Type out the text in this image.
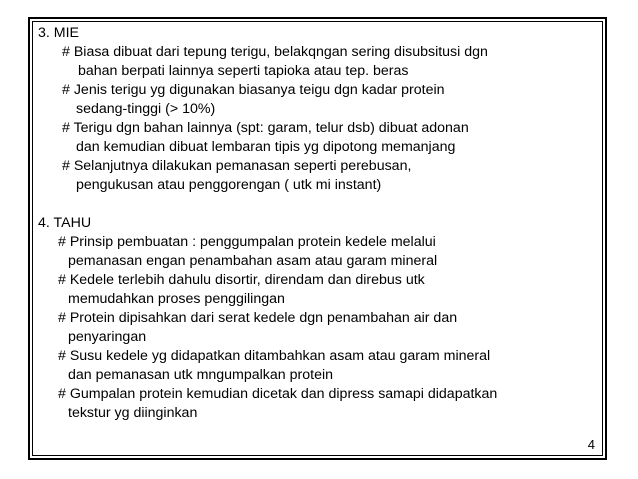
3. MIE
# Biasa dibuat dari tepung terigu, belakqngan sering disubsitusi dgn
bahan berpati lainnya seperti tapioka atau tep. beras
# Jenis terigu yg digunakan biasanya teigu dgn kadar protein
sedang-tinggi (> 10%)
# Terigu dgn bahan lainnya (spt: garam, telur dsb) dibuat adonan
dan kemudian dibuat lembaran tipis yg dipotong memanjang
# Selanjutnya dilakukan pemanasan seperti perebusan,
pengukusan atau penggorengan ( utk mi instant)
4. TAHU
# Prinsip pembuatan : penggumpalan protein kedele melalui
pemanasan engan penambahan asam atau garam mineral
# Kedele terlebih dahulu disortir, direndam dan direbus utk
memudahkan proses penggilingan
# Protein dipisahkan dari serat kedele dgn penambahan air dan
penyaringan
# Susu kedele yg didapatkan ditambahkan asam atau garam mineral
dan pemanasan utk mngumpalkan protein
# Gumpalan protein kemudian dicetak dan dipress samapi didapatkan
tekstur yg diinginkan
4
